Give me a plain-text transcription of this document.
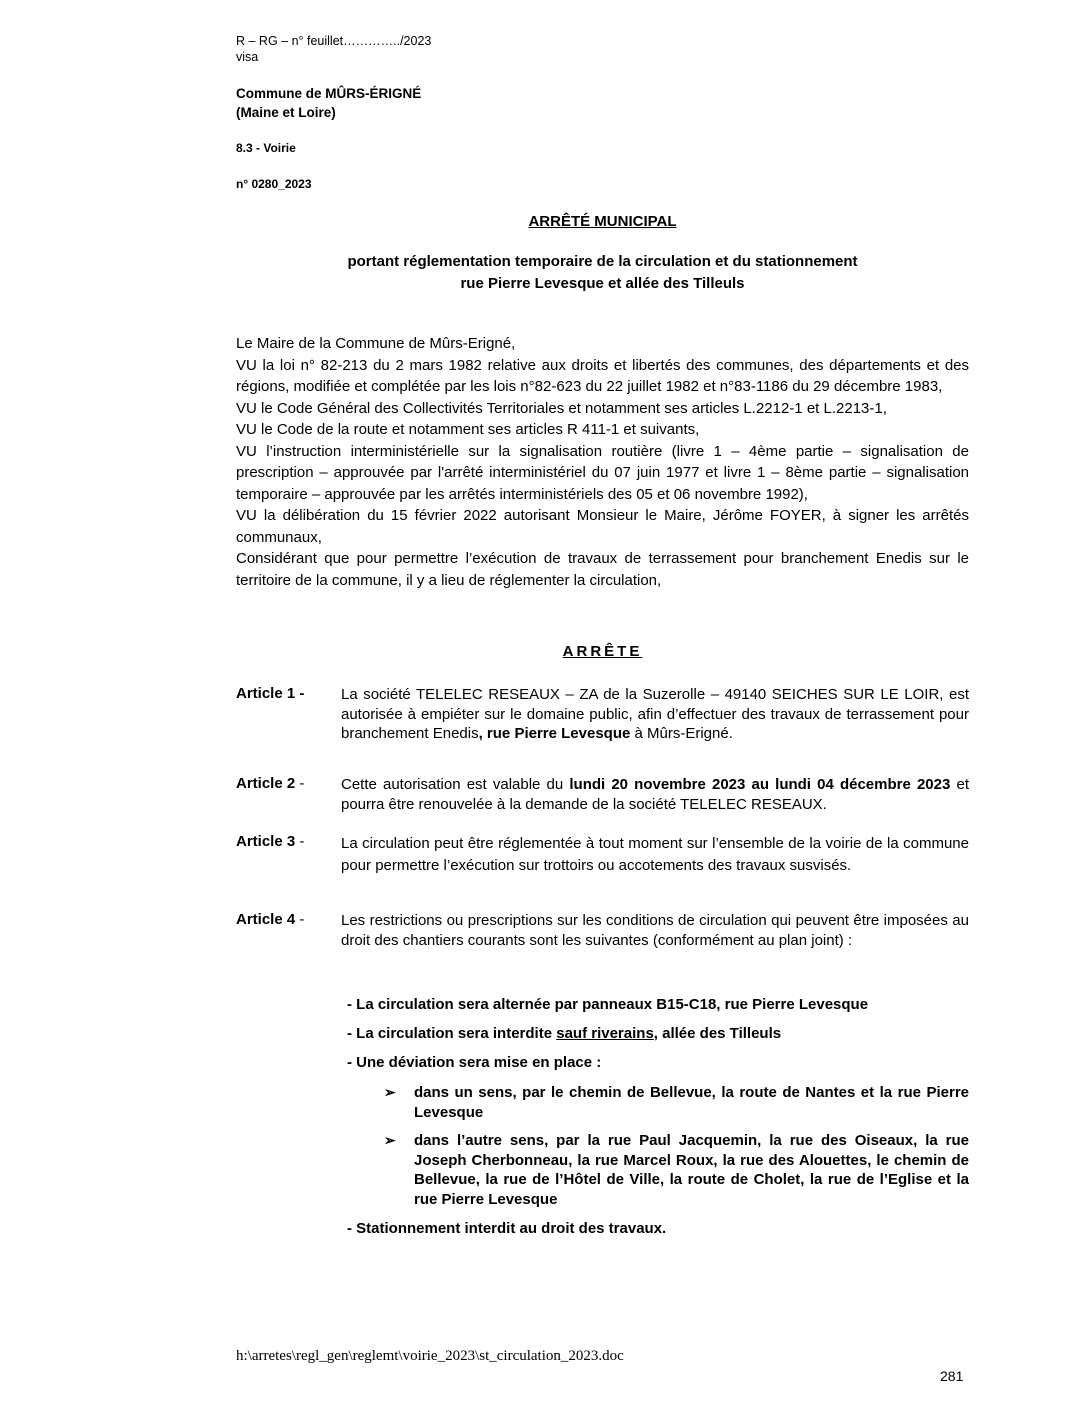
R – RG – n° feuillet…………../2023
visa
Commune de MÛRS-ÉRIGNÉ
(Maine et Loire)
8.3 - Voirie
n° 0280_2023
ARRÊTÉ MUNICIPAL
portant réglementation temporaire de la circulation et du stationnement
rue Pierre Levesque et allée des Tilleuls

Le Maire de la Commune de Mûrs-Erigné,

VU la loi n° 82-213 du 2 mars 1982 relative aux droits et libertés des communes, des départements et des régions, modifiée et complétée par les lois n°82-623 du 22 juillet 1982 et n°83-1186 du 29 décembre 1983,

VU le Code Général des Collectivités Territoriales et notamment ses articles L.2212-1 et L.2213-1,

VU le Code de la route et notamment ses articles R 411-1 et suivants,

VU l’instruction interministérielle sur la signalisation routière (livre 1 – 4ème partie – signalisation de prescription – approuvée par l'arrêté interministériel du 07 juin 1977 et livre 1 – 8ème partie – signalisation temporaire – approuvée par les arrêtés interministériels des 05 et 06 novembre 1992),

VU la délibération du 15 février 2022 autorisant Monsieur le Maire, Jérôme FOYER, à signer les arrêtés communaux,

Considérant que pour permettre l’exécution de travaux de terrassement pour branchement Enedis sur le territoire de la commune, il y a lieu de réglementer la circulation,

ARRÊTE
Article 1 - La société TELELEC RESEAUX – ZA de la Suzerolle – 49140 SEICHES SUR LE LOIR, est autorisée à empiéter sur le domaine public, afin d’effectuer des travaux de terrassement pour branchement Enedis, rue Pierre Levesque à Mûrs-Erigné.
Article 2 - Cette autorisation est valable du lundi 20 novembre 2023 au lundi 04 décembre 2023 et pourra être renouvelée à la demande de la société TELELEC RESEAUX.
Article 3 - La circulation peut être réglementée à tout moment sur l’ensemble de la voirie de la commune pour permettre l’exécution sur trottoirs ou accotements des travaux susvisés.
Article 4 - Les restrictions ou prescriptions sur les conditions de circulation qui peuvent être imposées au droit des chantiers courants sont les suivantes (conformément au plan joint) :
- La circulation sera alternée par panneaux B15-C18, rue Pierre Levesque
- La circulation sera interdite sauf riverains, allée des Tilleuls
- Une déviation sera mise en place :
➢ dans un sens, par le chemin de Bellevue, la route de Nantes et la rue Pierre Levesque
➢ dans l’autre sens, par la rue Paul Jacquemin, la rue des Oiseaux, la rue Joseph Cherbonneau, la rue Marcel Roux, la rue des Alouettes, le chemin de Bellevue, la rue de l’Hôtel de Ville, la route de Cholet, la rue de l’Eglise et la rue Pierre Levesque
- Stationnement interdit au droit des travaux.
h:\arretes\regl_gen\reglemt\voirie_2023\st_circulation_2023.doc
281
